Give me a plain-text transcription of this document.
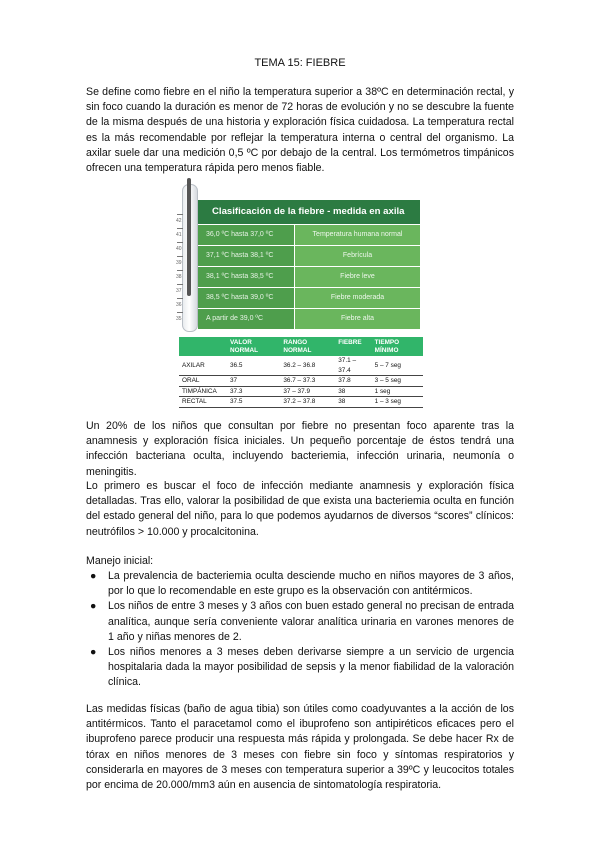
TEMA 15: FIEBRE

Se define como fiebre en el niño la temperatura superior a 38ºC en determinación rectal, y sin foco cuando la duración es menor de 72 horas de evolución y no se descubre la fuente de la misma después de una historia y exploración física cuidadosa. La temperatura rectal es la más recomendable por reflejar la temperatura interna o central del organismo. La axilar suele dar una medición 0,5 ºC por debajo de la central. Los termómetros timpánicos ofrecen una temperatura rápida pero menos fiable.

42
41
40
39
38
37
36
35
Clasificación de la fiebre - medida en axila
36,0 ºC hasta 37,0 ºC	Temperatura humana normal
37,1 ºC hasta 38,1 ºC	Febrícula
38,1 ºC hasta 38,5 ºC	Fiebre leve
38,5 ºC hasta 39,0 ºC	Fiebre moderada
A partir de 39,0 ºC	Fiebre alta
	VALOR NORMAL	RANGO NORMAL	FIEBRE	TIEMPO MÍNIMO
AXILAR	36.5	36.2 – 36.8	37.1 – 37.4	5 – 7 seg
ORAL	37	36.7 – 37.3	37.8	3 – 5 seg
TIMPÁNICA	37.3	37 – 37.9	38	1 seg
RECTAL	37.5	37.2 – 37.8	38	1 – 3 seg

Un 20% de los niños que consultan por fiebre no presentan foco aparente tras la anamnesis y exploración física iniciales. Un pequeño porcentaje de éstos tendrá una infección bacteriana oculta, incluyendo bacteriemia, infección urinaria, neumonía o meningitis.

Lo primero es buscar el foco de infección mediante anamnesis y exploración física detalladas. Tras ello, valorar la posibilidad de que exista una bacteriemia oculta en función del estado general del niño, para lo que podemos ayudarnos de diversos “scores” clínicos: neutrófilos > 10.000 y procalcitonina.

Manejo inicial:

● La prevalencia de bacteriemia oculta desciende mucho en niños mayores de 3 años, por lo que lo recomendable en este grupo es la observación con antitérmicos.
● Los niños de entre 3 meses y 3 años con buen estado general no precisan de entrada analítica, aunque sería conveniente valorar analítica urinaria en varones menores de 1 año y niñas menores de 2.
● Los niños menores a 3 meses deben derivarse siempre a un servicio de urgencia hospitalaria dada la mayor posibilidad de sepsis y la menor fiabilidad de la valoración clínica.

Las medidas físicas (baño de agua tibia) son útiles como coadyuvantes a la acción de los antitérmicos. Tanto el paracetamol como el ibuprofeno son antipiréticos eficaces pero el ibuprofeno parece producir una respuesta más rápida y prolongada. Se debe hacer Rx de tórax en niños menores de 3 meses con fiebre sin foco y síntomas respiratorios y considerarla en mayores de 3 meses con temperatura superior a 39ºC y leucocitos totales por encima de 20.000/mm3 aún en ausencia de sintomatología respiratoria.
